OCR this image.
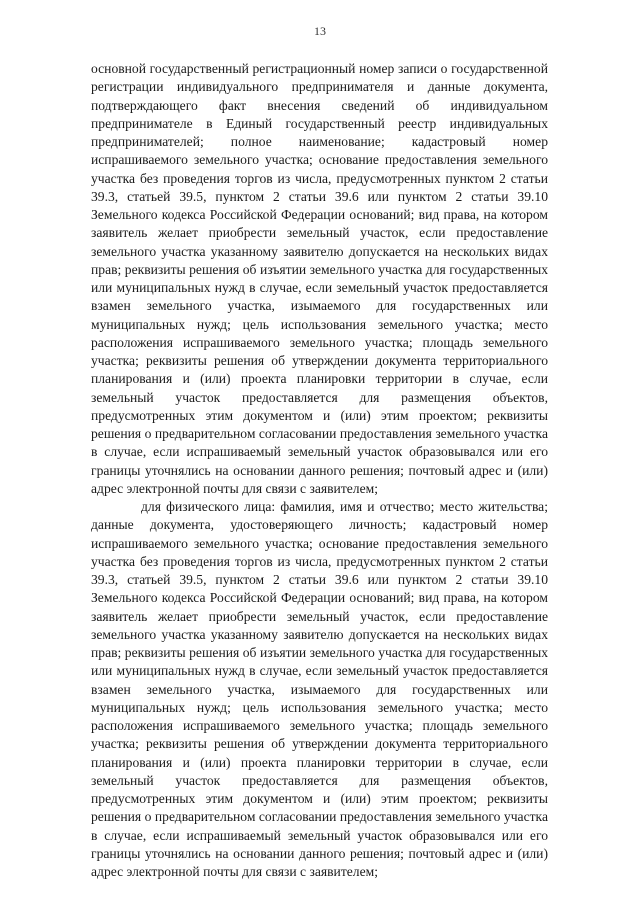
13

основной государственный регистрационный номер записи о государственной регистрации индивидуального предпринимателя и данные документа, подтверждающего факт внесения сведений об индивидуальном предпринимателе в Единый государственный реестр индивидуальных предпринимателей; полное наименование; кадастровый номер испрашиваемого земельного участка; основание предоставления земельного участка без проведения торгов из числа, предусмотренных пунктом 2 статьи 39.3, статьей 39.5, пунктом 2 статьи 39.6 или пунктом 2 статьи 39.10 Земельного кодекса Российской Федерации оснований; вид права, на котором заявитель желает приобрести земельный участок, если предоставление земельного участка указанному заявителю допускается на нескольких видах прав; реквизиты решения об изъятии земельного участка для государственных или муниципальных нужд в случае, если земельный участок предоставляется взамен земельного участка, изымаемого для государственных или муниципальных нужд; цель использования земельного участка; место расположения испрашиваемого земельного участка; площадь земельного участка; реквизиты решения об утверждении документа территориального планирования и (или) проекта планировки территории в случае, если земельный участок предоставляется для размещения объектов, предусмотренных этим документом и (или) этим проектом; реквизиты решения о предварительном согласовании предоставления земельного участка в случае, если испрашиваемый земельный участок образовывался или его границы уточнялись на основании данного решения; почтовый адрес и (или) адрес электронной почты для связи с заявителем;

для физического лица: фамилия, имя и отчество; место жительства; данные документа, удостоверяющего личность; кадастровый номер испрашиваемого земельного участка; основание предоставления земельного участка без проведения торгов из числа, предусмотренных пунктом 2 статьи 39.3, статьей 39.5, пунктом 2 статьи 39.6 или пунктом 2 статьи 39.10 Земельного кодекса Российской Федерации оснований; вид права, на котором заявитель желает приобрести земельный участок, если предоставление земельного участка указанному заявителю допускается на нескольких видах прав; реквизиты решения об изъятии земельного участка для государственных или муниципальных нужд в случае, если земельный участок предоставляется взамен земельного участка, изымаемого для государственных или муниципальных нужд; цель использования земельного участка; место расположения испрашиваемого земельного участка; площадь земельного участка; реквизиты решения об утверждении документа территориального планирования и (или) проекта планировки территории в случае, если земельный участок предоставляется для размещения объектов, предусмотренных этим документом и (или) этим проектом; реквизиты решения о предварительном согласовании предоставления земельного участка в случае, если испрашиваемый земельный участок образовывался или его границы уточнялись на основании данного решения; почтовый адрес и (или) адрес электронной почты для связи с заявителем;
